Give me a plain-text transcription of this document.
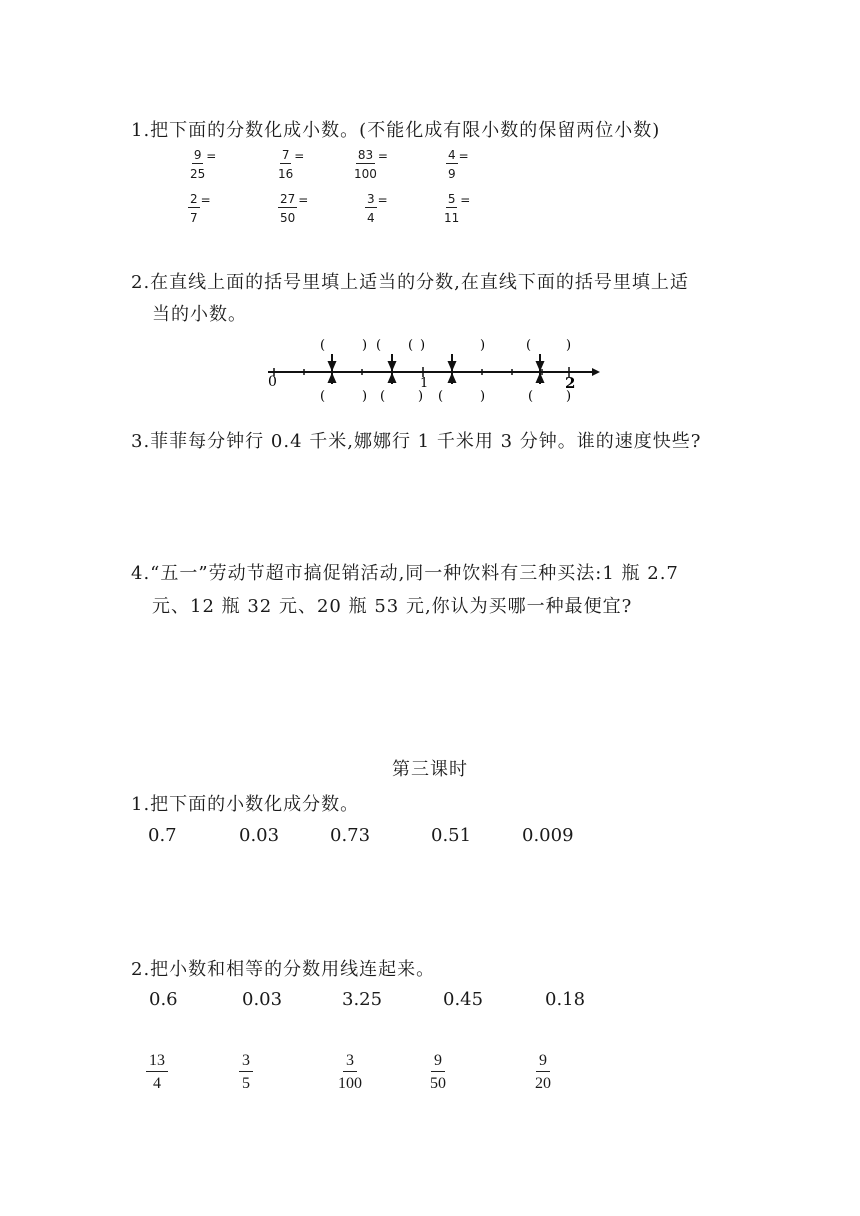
1.把下面的分数化成小数。(不能化成有限小数的保留两位小数)
$\frac{9}{25}$ =	$\frac{7}{16}$ =	$\frac{83}{100}$ =	$\frac{4}{9}$ =
$\frac{2}{7}$ =	$\frac{27}{50}$ =	$\frac{3}{4}$ =	$\frac{5}{11}$ =
2.在直线上面的括号里填上适当的分数,在直线下面的括号里填上适
当的小数。
0	1	2
(	) (	)
(	)	(	)
(	) (	) (	)	(	)
3.菲菲每分钟行 0.4 千米,娜娜行 1 千米用 3 分钟。谁的速度快些?
4.“五一”劳动节超市搞促销活动,同一种饮料有三种买法:1 瓶 2.7
元、12 瓶 32 元、20 瓶 53 元,你认为买哪一种最便宜?
第三课时
1.把下面的小数化成分数。
0.7	0.03	0.73	0.51	0.009
2.把小数和相等的分数用线连起来。
0.6	0.03	3.25	0.45	0.18
$\frac{13}{4}$	$\frac{3}{5}$	$\frac{3}{100}$	$\frac{9}{50}$	$\frac{9}{20}$
